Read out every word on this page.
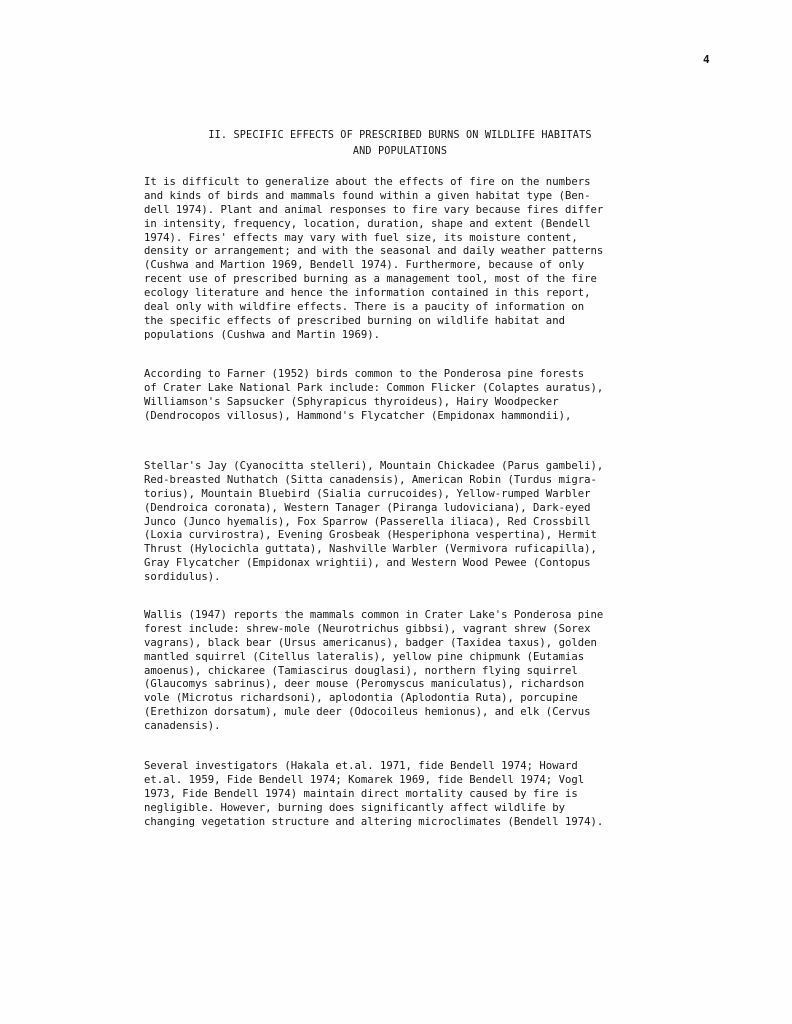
4
II. SPECIFIC EFFECTS OF PRESCRIBED BURNS ON WILDLIFE HABITATS
AND POPULATIONS
It is difficult to generalize about the effects of fire on the numbers
and kinds of birds and mammals found within a given habitat type (Ben-
dell 1974). Plant and animal responses to fire vary because fires differ
in intensity, frequency, location, duration, shape and extent (Bendell
1974). Fires' effects may vary with fuel size, its moisture content,
density or arrangement; and with the seasonal and daily weather patterns
(Cushwa and Martion 1969, Bendell 1974). Furthermore, because of only
recent use of prescribed burning as a management tool, most of the fire
ecology literature and hence the information contained in this report,
deal only with wildfire effects. There is a paucity of information on
the specific effects of prescribed burning on wildlife habitat and
populations (Cushwa and Martin 1969).
According to Farner (1952) birds common to the Ponderosa pine forests
of Crater Lake National Park include: Common Flicker (Colaptes auratus),
Williamson's Sapsucker (Sphyrapicus thyroideus), Hairy Woodpecker
(Dendrocopos villosus), Hammond's Flycatcher (Empidonax hammondii),
Stellar's Jay (Cyanocitta stelleri), Mountain Chickadee (Parus gambeli),
Red-breasted Nuthatch (Sitta canadensis), American Robin (Turdus migra-
torius), Mountain Bluebird (Sialia currucoides), Yellow-rumped Warbler
(Dendroica coronata), Western Tanager (Piranga ludoviciana), Dark-eyed
Junco (Junco hyemalis), Fox Sparrow (Passerella iliaca), Red Crossbill
(Loxia curvirostra), Evening Grosbeak (Hesperiphona vespertina), Hermit
Thrust (Hylocichla guttata), Nashville Warbler (Vermivora ruficapilla),
Gray Flycatcher (Empidonax wrightii), and Western Wood Pewee (Contopus
sordidulus).
Wallis (1947) reports the mammals common in Crater Lake's Ponderosa pine
forest include: shrew-mole (Neurotrichus gibbsi), vagrant shrew (Sorex
vagrans), black bear (Ursus americanus), badger (Taxidea taxus), golden
mantled squirrel (Citellus lateralis), yellow pine chipmunk (Eutamias
amoenus), chickaree (Tamiascirus douglasi), northern flying squirrel
(Glaucomys sabrinus), deer mouse (Peromyscus maniculatus), richardson
vole (Microtus richardsoni), aplodontia (Aplodontia Ruta), porcupine
(Erethizon dorsatum), mule deer (Odocoileus hemionus), and elk (Cervus
canadensis).
Several investigators (Hakala et.al. 1971, fide Bendell 1974; Howard
et.al. 1959, Fide Bendell 1974; Komarek 1969, fide Bendell 1974; Vogl
1973, Fide Bendell 1974) maintain direct mortality caused by fire is
negligible. However, burning does significantly affect wildlife by
changing vegetation structure and altering microclimates (Bendell 1974).
